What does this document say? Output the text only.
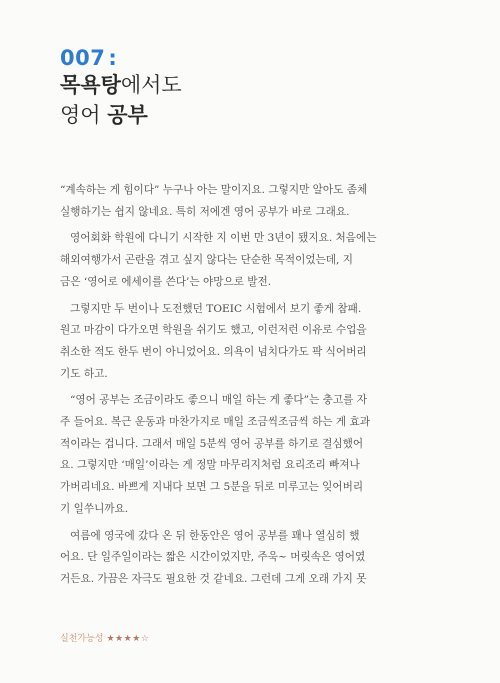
007 :
목욕탕에서도
영어 공부

“계속하는 게 힘이다” 누구나 아는 말이지요. 그렇지만 알아도 좀체
실행하기는 쉽지 않네요. 특히 저에겐 영어 공부가 바로 그래요.

영어회화 학원에 다니기 시작한 지 이번 만 3년이 됐지요. 처음에는
해외여행가서 곤란을 겪고 싶지 않다는 단순한 목적이었는데, 지
금은 ‘영어로 에세이를 쓴다’는 야망으로 발전.

그렇지만 두 번이나 도전했던 TOEIC 시험에서 보기 좋게 참패.
원고 마감이 다가오면 학원을 쉬기도 했고, 이런저런 이유로 수업을
취소한 적도 한두 번이 아니었어요. 의욕이 넘치다가도 팍 식어버리
기도 하고.

“영어 공부는 조금이라도 좋으니 매일 하는 게 좋다”는 충고를 자
주 들어요. 복근 운동과 마찬가지로 매일 조금씩조금씩 하는 게 효과
적이라는 겁니다. 그래서 매일 5분씩 영어 공부를 하기로 결심했어
요. 그렇지만 ‘매일’이라는 게 정말 마무리지처럼 요리조리 빠져나
가버리네요. 바쁘게 지내다 보면 그 5분을 뒤로 미루고는 잊어버리
기 일쑤니까요.

여름에 영국에 갔다 온 뒤 한동안은 영어 공부를 꽤나 열심히 했
어요. 단 일주일이라는 짧은 시간이었지만, 주욱~ 머릿속은 영어였
거든요. 가끔은 자극도 필요한 것 같네요. 그런데 그게 오래 가지 못

실천가능성 ★★★★☆
